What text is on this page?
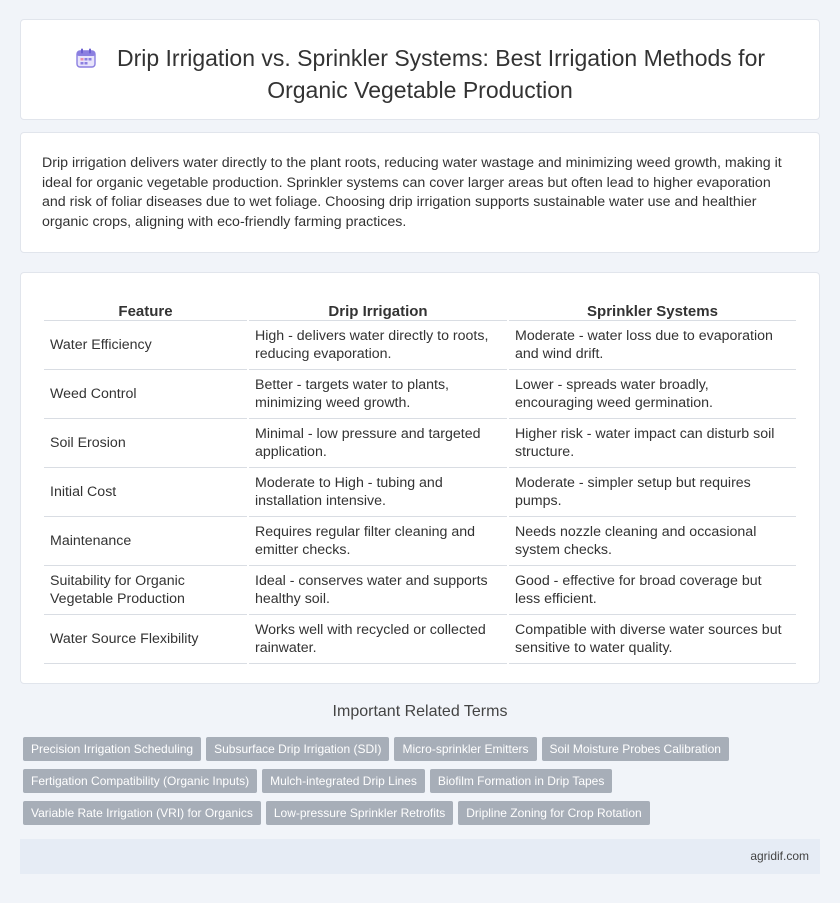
Drip Irrigation vs. Sprinkler Systems: Best Irrigation Methods for
Organic Vegetable Production

Drip irrigation delivers water directly to the plant roots, reducing water wastage and minimizing weed growth, making it ideal for organic vegetable production. Sprinkler systems can cover larger areas but often lead to higher evaporation and risk of foliar diseases due to wet foliage. Choosing drip irrigation supports sustainable water use and healthier organic crops, aligning with eco-friendly farming practices.

Feature	Drip Irrigation	Sprinkler Systems
Water Efficiency	High - delivers water directly to roots, reducing evaporation.	Moderate - water loss due to evaporation and wind drift.
Weed Control	Better - targets water to plants, minimizing weed growth.	Lower - spreads water broadly, encouraging weed germination.
Soil Erosion	Minimal - low pressure and targeted application.	Higher risk - water impact can disturb soil structure.
Initial Cost	Moderate to High - tubing and installation intensive.	Moderate - simpler setup but requires pumps.
Maintenance	Requires regular filter cleaning and emitter checks.	Needs nozzle cleaning and occasional system checks.
Suitability for Organic Vegetable Production	Ideal - conserves water and supports healthy soil.	Good - effective for broad coverage but less efficient.
Water Source Flexibility	Works well with recycled or collected rainwater.	Compatible with diverse water sources but sensitive to water quality.
Important Related Terms
Precision Irrigation Scheduling Subsurface Drip Irrigation (SDI) Micro-sprinkler Emitters Soil Moisture Probes Calibration
Fertigation Compatibility (Organic Inputs) Mulch-integrated Drip Lines Biofilm Formation in Drip Tapes
Variable Rate Irrigation (VRI) for Organics Low-pressure Sprinkler Retrofits Dripline Zoning for Crop Rotation
agridif.com
